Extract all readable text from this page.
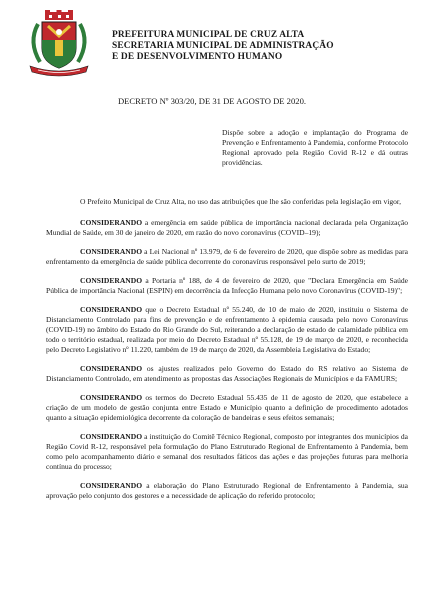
PREFEITURA MUNICIPAL DE CRUZ ALTA
SECRETARIA MUNICIPAL DE ADMINISTRAÇÃO
E DE DESENVOLVIMENTO HUMANO
DECRETO Nº 303/20, DE 31 DE AGOSTO DE 2020.
Dispõe sobre a adoção e implantação do Programa de Prevenção e Enfrentamento à Pandemia, conforme Protocolo Regional aprovado pela Região Covid R-12 e dá outras providências.

O Prefeito Municipal de Cruz Alta, no uso das atribuições que lhe são conferidas pela legislação em vigor,

CONSIDERANDO a emergência em saúde pública de importância nacional declarada pela Organização Mundial de Saúde, em 30 de janeiro de 2020, em razão do novo coronavírus (COVID–19);

CONSIDERANDO a Lei Nacional nº 13.979, de 6 de fevereiro de 2020, que dispõe sobre as medidas para enfrentamento da emergência de saúde pública decorrente do coronavírus responsável pelo surto de 2019;

CONSIDERANDO a Portaria nº 188, de 4 de fevereiro de 2020, que "Declara Emergência em Saúde Pública de importância Nacional (ESPIN) em decorrência da Infecção Humana pelo novo Coronavírus (COVID-19)";

CONSIDERANDO que o Decreto Estadual nº 55.240, de 10 de maio de 2020, instituiu o Sistema de Distanciamento Controlado para fins de prevenção e de enfrentamento à epidemia causada pelo novo Coronavírus (COVID-19) no âmbito do Estado do Rio Grande do Sul, reiterando a declaração de estado de calamidade pública em todo o território estadual, realizada por meio do Decreto Estadual nº 55.128, de 19 de março de 2020, e reconhecida pelo Decreto Legislativo nº 11.220, também de 19 de março de 2020, da Assembleia Legislativa do Estado;

CONSIDERANDO os ajustes realizados pelo Governo do Estado do RS relativo ao Sistema de Distanciamento Controlado, em atendimento as propostas das Associações Regionais de Municípios e da FAMURS;

CONSIDERANDO os termos do Decreto Estadual 55.435 de 11 de agosto de 2020, que estabelece a criação de um modelo de gestão conjunta entre Estado e Município quanto a definição de procedimento adotados quanto a situação epidemiológica decorrente da coloração de bandeiras e seus efeitos semanais;

CONSIDERANDO a instituição do Comitê Técnico Regional, composto por integrantes dos municípios da Região Covid R-12, responsável pela formulação do Plano Estruturado Regional de Enfrentamento à Pandemia, bem como pelo acompanhamento diário e semanal dos resultados fáticos das ações e das projeções futuras para melhoria contínua do processo;

CONSIDERANDO a elaboração do Plano Estruturado Regional de Enfrentamento à Pandemia, sua aprovação pelo conjunto dos gestores e a necessidade de aplicação do referido protocolo;
